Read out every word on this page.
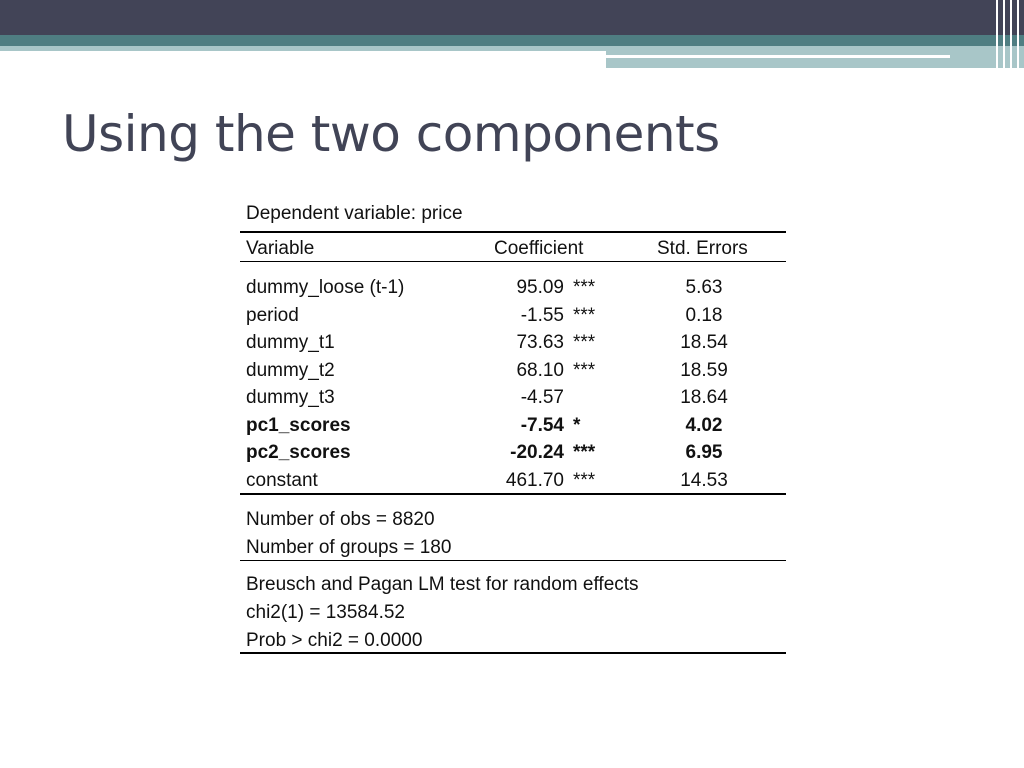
Using the two components
Dependent variable: price
Variable	Coefficient	Std. Errors
dummy_loose (t-1)	95.09 ***	5.63
period	-1.55 ***	0.18
dummy_t1	73.63 ***	18.54
dummy_t2	68.10 ***	18.59
dummy_t3	-4.57	18.64
pc1_scores	-7.54 *	4.02
pc2_scores	-20.24 ***	6.95
constant	461.70 ***	14.53
Number of obs = 8820
Number of groups = 180
Breusch and Pagan LM test for random effects
chi2(1) = 13584.52
Prob > chi2 = 0.0000
